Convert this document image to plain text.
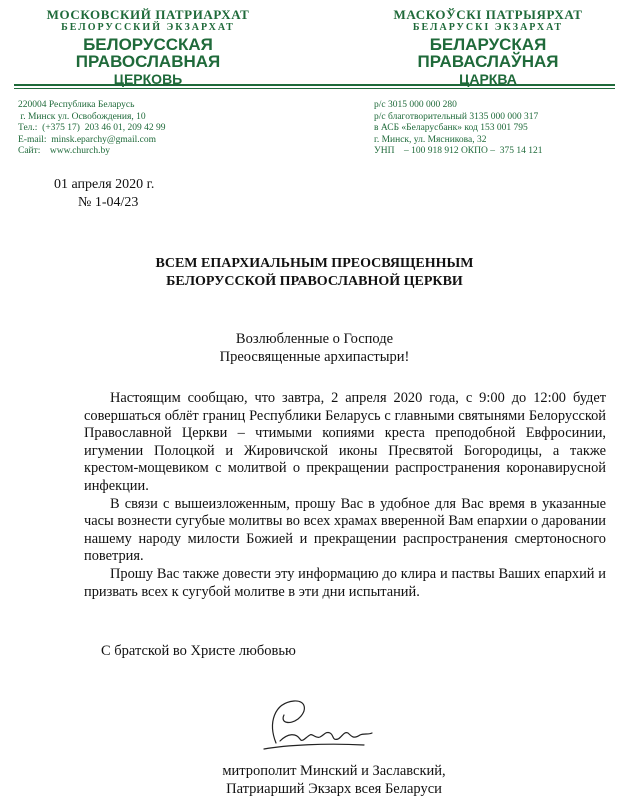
МОСКОВСКИЙ ПАТРИАРХАТ
БЕЛОРУССКИЙ ЭКЗАРХАТ
БЕЛОРУССКАЯ ПРАВОСЛАВНАЯ
ЦЕРКОВЬ
МАСКОЎСКІ ПАТРЫЯРХАТ
БЕЛАРУСКІ ЭКЗАРХАТ
БЕЛАРУСКАЯ ПРАВАСЛАЎНАЯ
ЦАРКВА
220004 Республика Беларусь
г. Минск ул. Освобождения, 10
Тел.:  (+375 17)  203 46 01, 209 42 99
E-mail:  minsk.eparchy@gmail.com
Сайт:    www.church.by
р/с 3015 000 000 280
р/с благотворительный 3135 000 000 317
в АСБ «Беларусбанк» код 153 001 795
г. Минск, ул. Мясникова, 32
УНП    – 100 918 912 ОКПО –  375 14 121
01 апреля 2020 г.
№ 1-04/23
ВСЕМ ЕПАРХИАЛЬНЫМ ПРЕОСВЯЩЕННЫМ
БЕЛОРУССКОЙ ПРАВОСЛАВНОЙ ЦЕРКВИ
Возлюбленные о Господе
Преосвященные архипастыри!

Настоящим сообщаю, что завтра, 2 апреля 2020 года, с 9:00 до 12:00 будет совершаться облёт границ Республики Беларусь с главными святынями Белорусской Православной Церкви – чтимыми копиями креста преподобной Евфросинии, игумении Полоцкой и Жировичской иконы Пресвятой Богородицы, а также крестом-мощевиком с молитвой о прекращении распространения коронавирусной инфекции.

В связи с вышеизложенным, прошу Вас в удобное для Вас время в указанные часы вознести сугубые молитвы во всех храмах вверенной Вам епархии о даровании нашему народу милости Божией и прекращении распространения смертоносного поветрия.

Прошу Вас также довести эту информацию до клира и паствы Ваших епархий и призвать всех к сугубой молитве в эти дни испытаний.

С братской во Христе любовью
митрополит Минский и Заславский,
Патриарший Экзарх всея Беларуси
